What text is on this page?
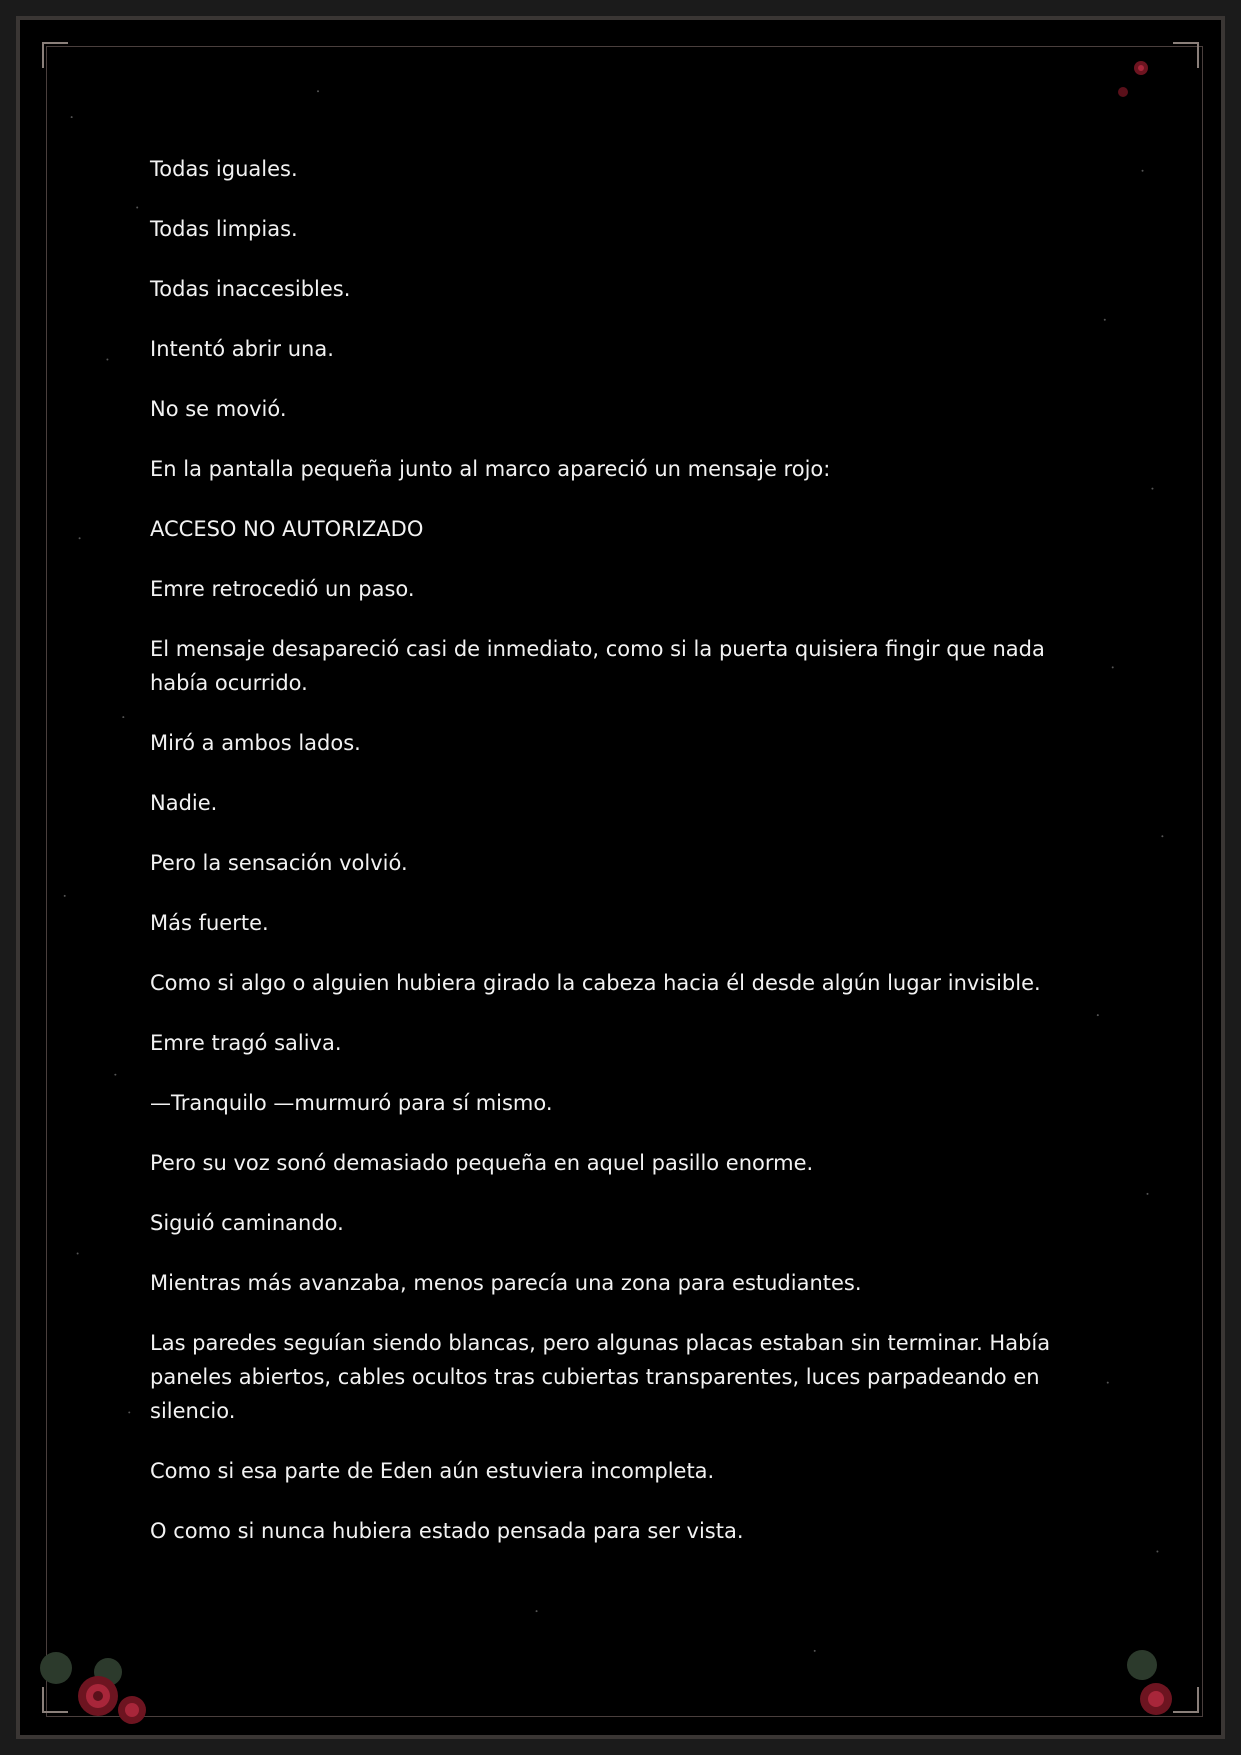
Todas iguales.

Todas limpias.

Todas inaccesibles.

Intentó abrir una.

No se movió.

En la pantalla pequeña junto al marco apareció un mensaje rojo:

ACCESO NO AUTORIZADO

Emre retrocedió un paso.

El mensaje desapareció casi de inmediato, como si la puerta quisiera fingir que nada había ocurrido.

Miró a ambos lados.

Nadie.

Pero la sensación volvió.

Más fuerte.

Como si algo o alguien hubiera girado la cabeza hacia él desde algún lugar invisible.

Emre tragó saliva.

—Tranquilo —murmuró para sí mismo.

Pero su voz sonó demasiado pequeña en aquel pasillo enorme.

Siguió caminando.

Mientras más avanzaba, menos parecía una zona para estudiantes.

Las paredes seguían siendo blancas, pero algunas placas estaban sin terminar. Había paneles abiertos, cables ocultos tras cubiertas transparentes, luces parpadeando en silencio.

Como si esa parte de Eden aún estuviera incompleta.

O como si nunca hubiera estado pensada para ser vista.
